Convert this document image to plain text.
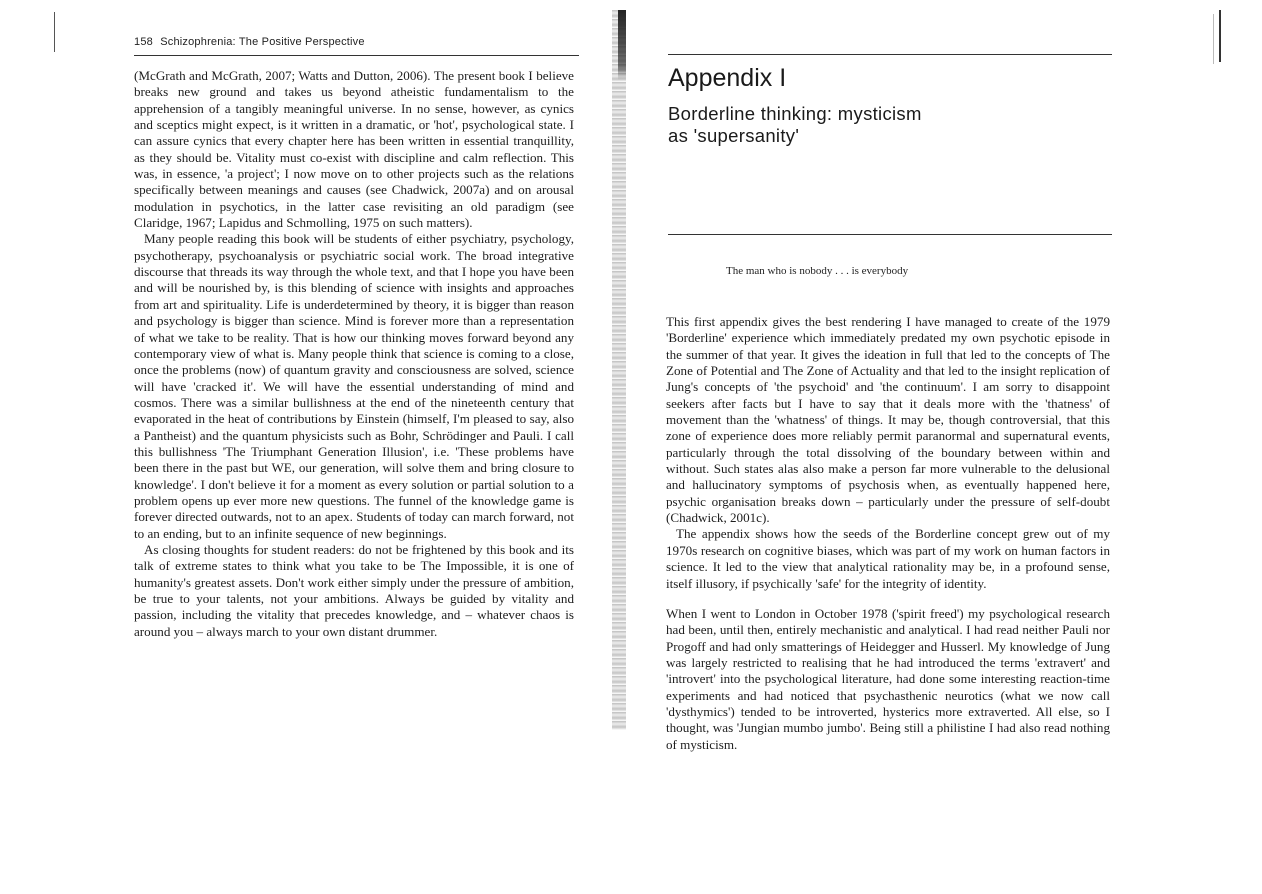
158 Schizophrenia: The Positive Perspective

(McGrath and McGrath, 2007; Watts and Dutton, 2006). The present book I believe breaks new ground and takes us beyond atheistic fundamentalism to the apprehension of a tangibly meaningful universe. In no sense, however, as cynics and sceptics might expect, is it written in a dramatic, or 'hot', psychological state. I can assure cynics that every chapter here has been written in essential tranquillity, as they should be. Vitality must co-exist with discipline and calm reflection. This was, in essence, 'a project'; I now move on to other projects such as the relations specifically between meanings and causes (see Chadwick, 2007a) and on arousal modulation in psychotics, in the latter case revisiting an old paradigm (see Claridge, 1967; Lapidus and Schmolling, 1975 on such matters).

Many people reading this book will be students of either psychiatry, psychology, psychotherapy, psychoanalysis or psychiatric social work. The broad integrative discourse that threads its way through the whole text, and that I hope you have been and will be nourished by, is this blending of science with insights and approaches from art and spirituality. Life is underdetermined by theory, it is bigger than reason and psychology is bigger than science. Mind is forever more than a representation of what we take to be reality. That is how our thinking moves forward beyond any contemporary view of what is. Many people think that science is coming to a close, once the problems (now) of quantum gravity and consciousness are solved, science will have 'cracked it'. We will have the essential understanding of mind and cosmos. There was a similar bullishness at the end of the nineteenth century that evaporated in the heat of contributions by Einstein (himself, I'm pleased to say, also a Pantheist) and the quantum physicists such as Bohr, Schrödinger and Pauli. I call this bullishness 'The Triumphant Generation Illusion', i.e. 'These problems have been there in the past but WE, our generation, will solve them and bring closure to knowledge'. I don't believe it for a moment as every solution or partial solution to a problem opens up ever more new questions. The funnel of the knowledge game is forever directed outwards, not to an apex. Students of today can march forward, not to an ending, but to an infinite sequence of new beginnings.

As closing thoughts for student readers: do not be frightened by this book and its talk of extreme states to think what you take to be The Impossible, it is one of humanity's greatest assets. Don't work either simply under the pressure of ambition, be true to your talents, not your ambitions. Always be guided by vitality and passion, including the vitality that precedes knowledge, and – whatever chaos is around you – always march to your own distant drummer.

Appendix I
Borderline thinking: mysticism
as 'supersanity'
The man who is nobody . . . is everybody

This first appendix gives the best rendering I have managed to create of the 1979 'Borderline' experience which immediately predated my own psychotic episode in the summer of that year. It gives the ideation in full that led to the concepts of The Zone of Potential and The Zone of Actuality and that led to the insight replication of Jung's concepts of 'the psychoid' and 'the continuum'. I am sorry to disappoint seekers after facts but I have to say that it deals more with the 'thatness' of movement than the 'whatness' of things. It may be, though controversial, that this zone of experience does more reliably permit paranormal and supernatural events, particularly through the total dissolving of the boundary between within and without. Such states alas also make a person far more vulnerable to the delusional and hallucinatory symptoms of psychosis when, as eventually happened here, psychic organisation breaks down – particularly under the pressure of self-doubt (Chadwick, 2001c).

The appendix shows how the seeds of the Borderline concept grew out of my 1970s research on cognitive biases, which was part of my work on human factors in science. It led to the view that analytical rationality may be, in a profound sense, itself illusory, if psychically 'safe' for the integrity of identity.

When I went to London in October 1978 ('spirit freed') my psychological research had been, until then, entirely mechanistic and analytical. I had read neither Pauli nor Progoff and had only smatterings of Heidegger and Husserl. My knowledge of Jung was largely restricted to realising that he had introduced the terms 'extravert' and 'introvert' into the psychological literature, had done some interesting reaction-time experiments and had noticed that psychasthenic neurotics (what we now call 'dysthymics') tended to be introverted, hysterics more extraverted. All else, so I thought, was 'Jungian mumbo jumbo'. Being still a philistine I had also read nothing of mysticism.
